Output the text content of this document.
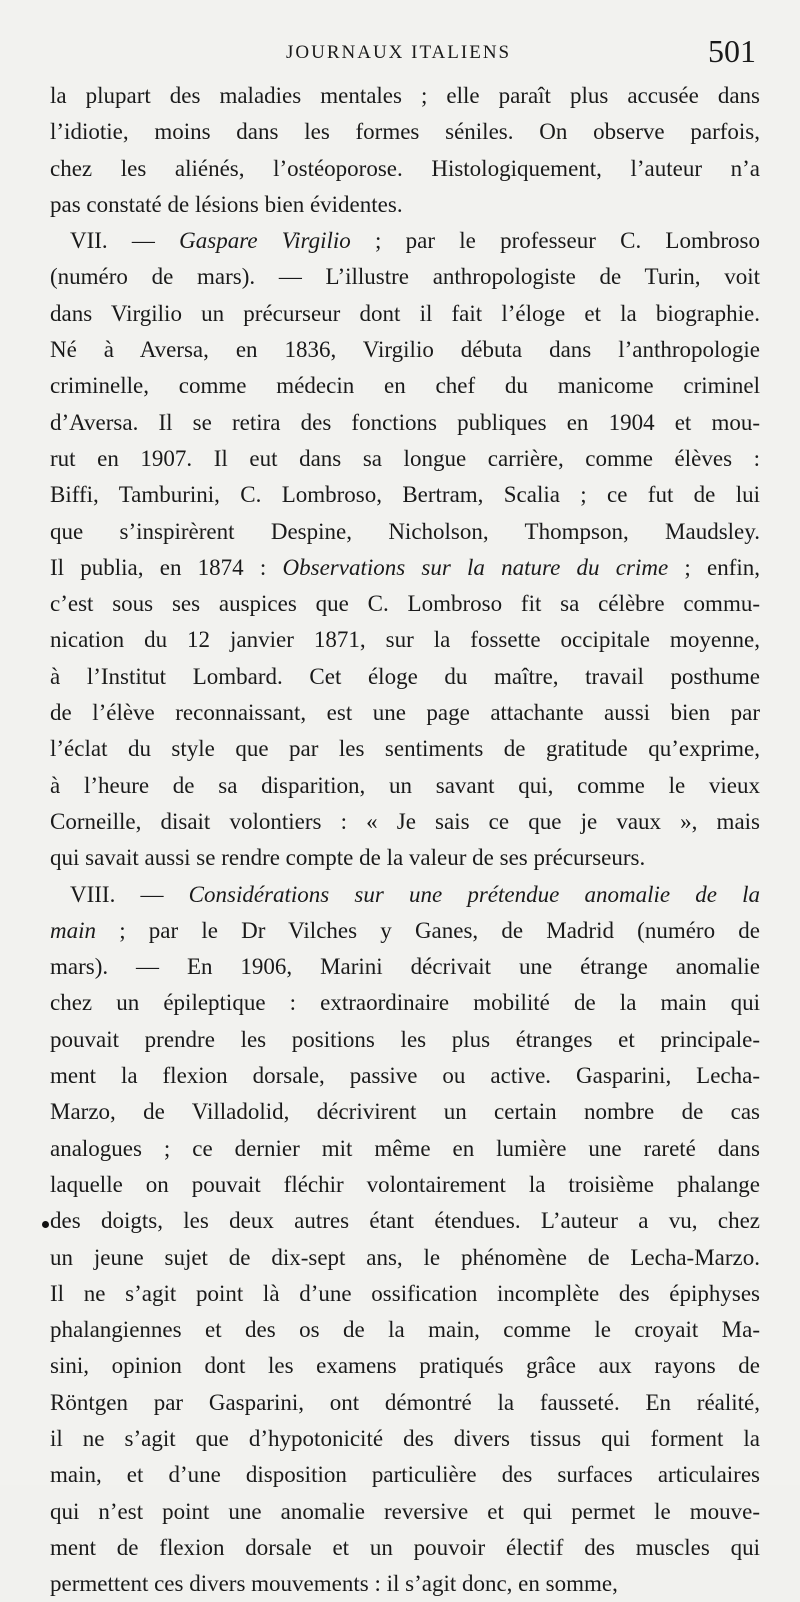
JOURNAUX ITALIENS	501
la plupart des maladies mentales ; elle paraît plus accusée dans
l’idiotie, moins dans les formes séniles. On observe parfois,
chez les aliénés, l’ostéoporose. Histologiquement, l’auteur n’a
pas constaté de lésions bien évidentes.
VII. — Gaspare Virgilio ; par le professeur C. Lombroso
(numéro de mars). — L’illustre anthropologiste de Turin, voit
dans Virgilio un précurseur dont il fait l’éloge et la biographie.
Né à Aversa, en 1836, Virgilio débuta dans l’anthropologie
criminelle, comme médecin en chef du manicome criminel
d’Aversa. Il se retira des fonctions publiques en 1904 et mou-
rut en 1907. Il eut dans sa longue carrière, comme élèves :
Biffi, Tamburini, C. Lombroso, Bertram, Scalia ; ce fut de lui
que s’inspirèrent Despine, Nicholson, Thompson, Maudsley.
Il publia, en 1874 : Observations sur la nature du crime ; enfin,
c’est sous ses auspices que C. Lombroso fit sa célèbre commu-
nication du 12 janvier 1871, sur la fossette occipitale moyenne,
à l’Institut Lombard. Cet éloge du maître, travail posthume
de l’élève reconnaissant, est une page attachante aussi bien par
l’éclat du style que par les sentiments de gratitude qu’exprime,
à l’heure de sa disparition, un savant qui, comme le vieux
Corneille, disait volontiers : « Je sais ce que je vaux », mais
qui savait aussi se rendre compte de la valeur de ses précurseurs.
VIII. — Considérations sur une prétendue anomalie de la
main ; par le Dr Vilches y Ganes, de Madrid (numéro de
mars). — En 1906, Marini décrivait une étrange anomalie
chez un épileptique : extraordinaire mobilité de la main qui
pouvait prendre les positions les plus étranges et principale-
ment la flexion dorsale, passive ou active. Gasparini, Lecha-
Marzo, de Villadolid, décrivirent un certain nombre de cas
analogues ; ce dernier mit même en lumière une rareté dans
laquelle on pouvait fléchir volontairement la troisième phalange
des doigts, les deux autres étant étendues. L’auteur a vu, chez
un jeune sujet de dix-sept ans, le phénomène de Lecha-Marzo.
Il ne s’agit point là d’une ossification incomplète des épiphyses
phalangiennes et des os de la main, comme le croyait Ma-
sini, opinion dont les examens pratiqués grâce aux rayons de
Röntgen par Gasparini, ont démontré la fausseté. En réalité,
il ne s’agit que d’hypotonicité des divers tissus qui forment la
main, et d’une disposition particulière des surfaces articulaires
qui n’est point une anomalie reversive et qui permet le mouve-
ment de flexion dorsale et un pouvoir électif des muscles qui
permettent ces divers mouvements : il s’agit donc, en somme,
